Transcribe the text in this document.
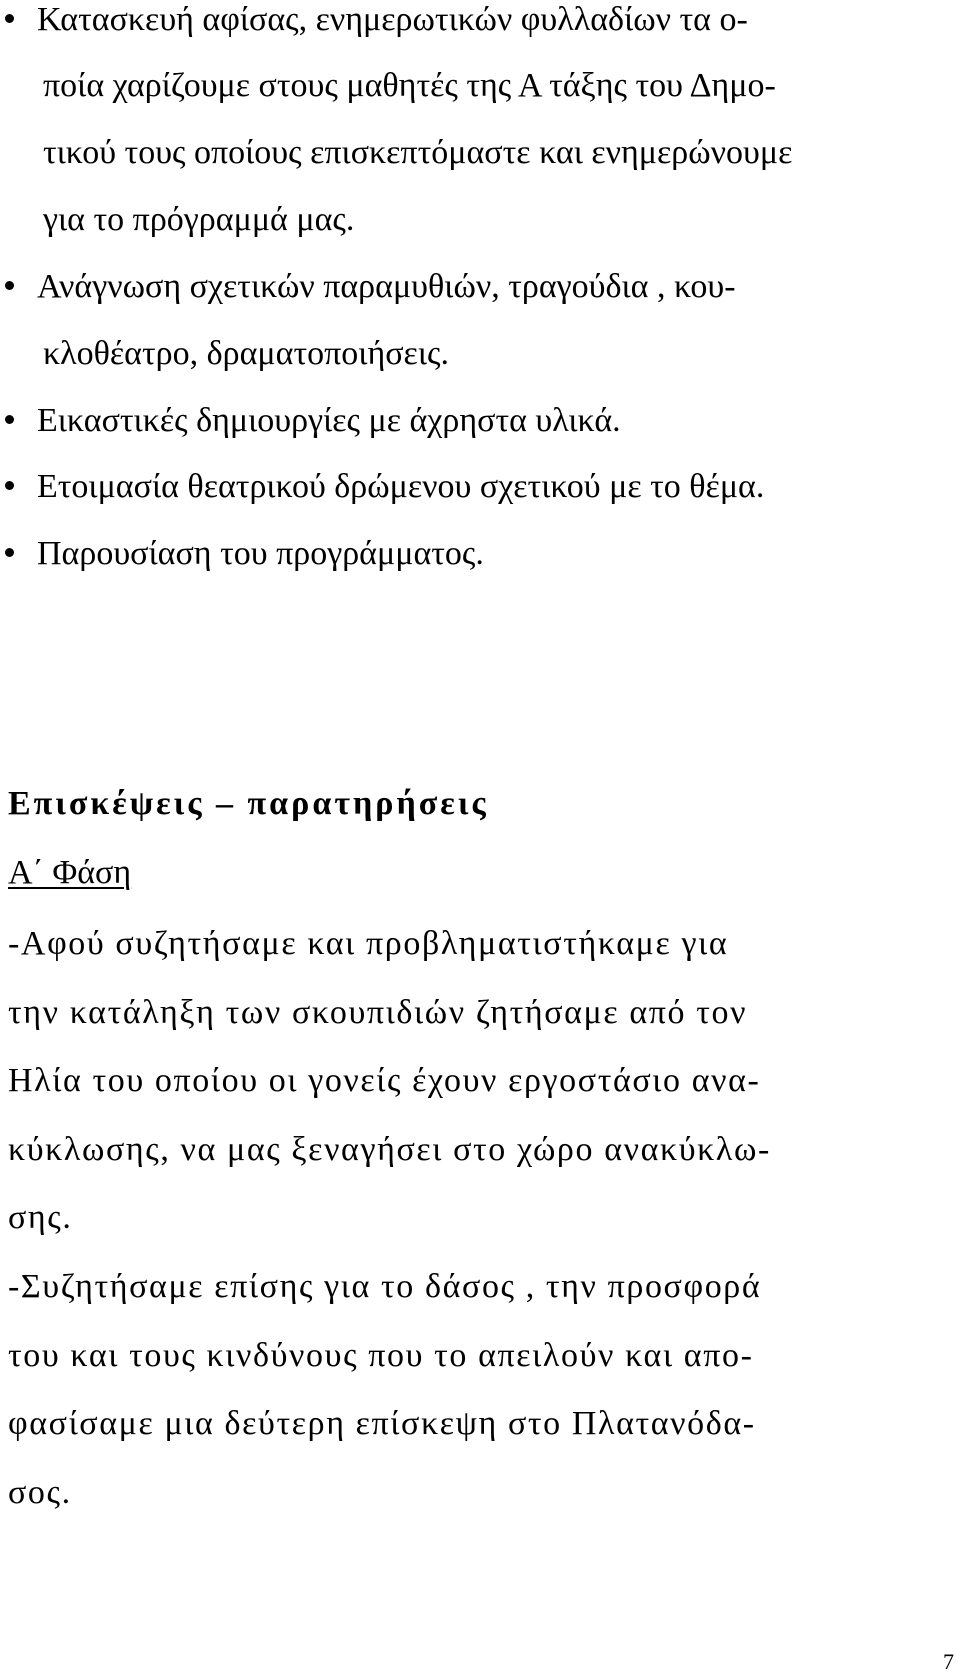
Κατασκευή αφίσας, ενημερωτικών φυλλαδίων τα ο-
ποία χαρίζουμε στους μαθητές της Α τάξης του Δημο-
τικού τους οποίους επισκεπτόμαστε και ενημερώνουμε
για το πρόγραμμά μας.
Ανάγνωση σχετικών παραμυθιών, τραγούδια , κου-
κλοθέατρο, δραματοποιήσεις.
Εικαστικές δημιουργίες με άχρηστα υλικά.
Ετοιμασία θεατρικού δρώμενου σχετικού με το θέμα.
Παρουσίαση του προγράμματος.
Επισκέψεις – παρατηρήσεις
Α΄ Φάση
-Αφού συζητήσαμε και προβληματιστήκαμε για
την κατάληξη των σκουπιδιών ζητήσαμε από τον
Ηλία του οποίου οι γονείς έχουν εργοστάσιο ανα-
κύκλωσης, να μας ξεναγήσει στο χώρο ανακύκλω-
σης.
-Συζητήσαμε επίσης για το δάσος , την προσφορά
του και τους κινδύνους που το απειλούν και απο-
φασίσαμε μια δεύτερη επίσκεψη στο Πλατανόδα-
σος.
7
